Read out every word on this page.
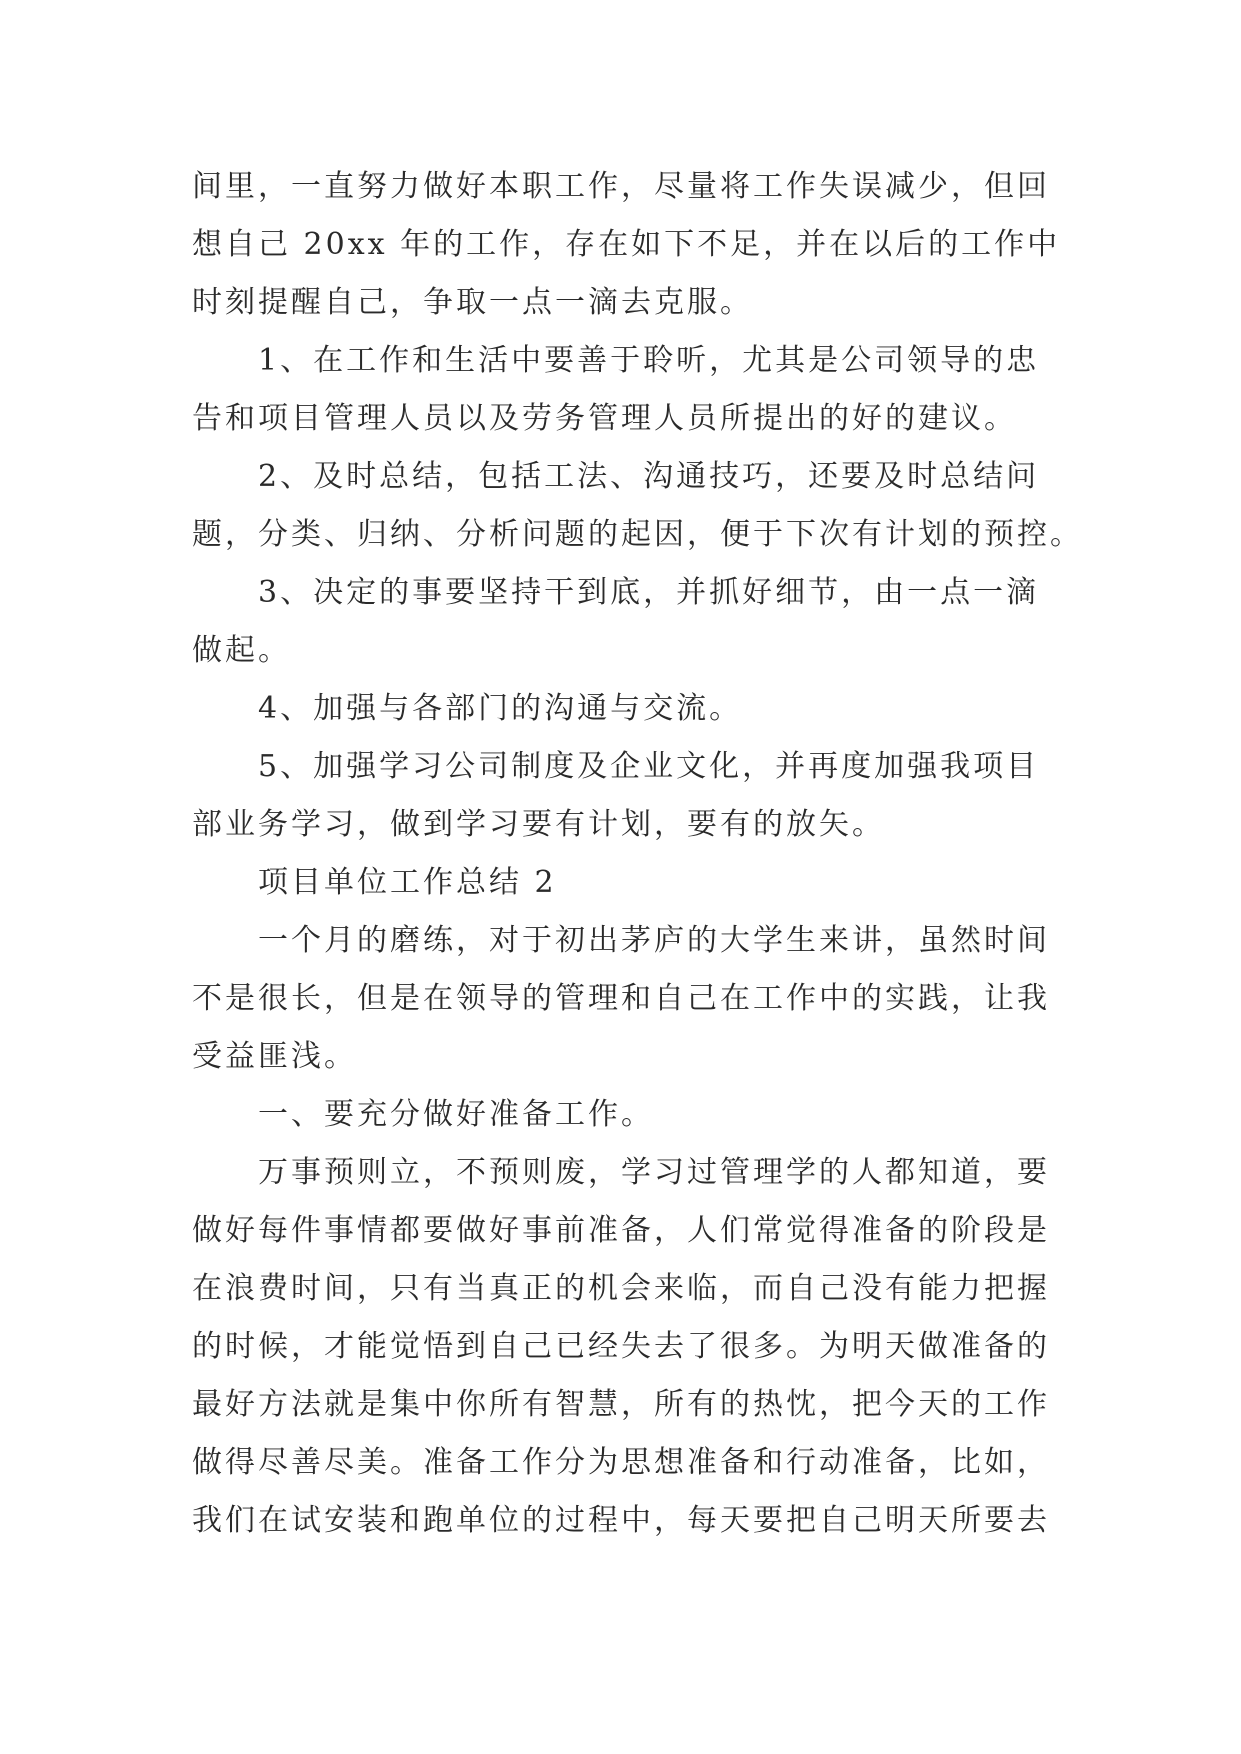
间里，一直努力做好本职工作，尽量将工作失误减少，但回
想自己 20xx 年的工作，存在如下不足，并在以后的工作中
时刻提醒自己，争取一点一滴去克服。
　　1、在工作和生活中要善于聆听，尤其是公司领导的忠
告和项目管理人员以及劳务管理人员所提出的好的建议。
　　2、及时总结，包括工法、沟通技巧，还要及时总结问
题，分类、归纳、分析问题的起因，便于下次有计划的预控。
　　3、决定的事要坚持干到底，并抓好细节，由一点一滴
做起。
　　4、加强与各部门的沟通与交流。
　　5、加强学习公司制度及企业文化，并再度加强我项目
部业务学习，做到学习要有计划，要有的放矢。
　　项目单位工作总结 2
　　一个月的磨练，对于初出茅庐的大学生来讲，虽然时间
不是很长，但是在领导的管理和自己在工作中的实践，让我
受益匪浅。
　　一、要充分做好准备工作。
　　万事预则立，不预则废，学习过管理学的人都知道，要
做好每件事情都要做好事前准备，人们常觉得准备的阶段是
在浪费时间，只有当真正的机会来临，而自己没有能力把握
的时候，才能觉悟到自己已经失去了很多。为明天做准备的
最好方法就是集中你所有智慧，所有的热忱，把今天的工作
做得尽善尽美。准备工作分为思想准备和行动准备，比如，
我们在试安装和跑单位的过程中，每天要把自己明天所要去
